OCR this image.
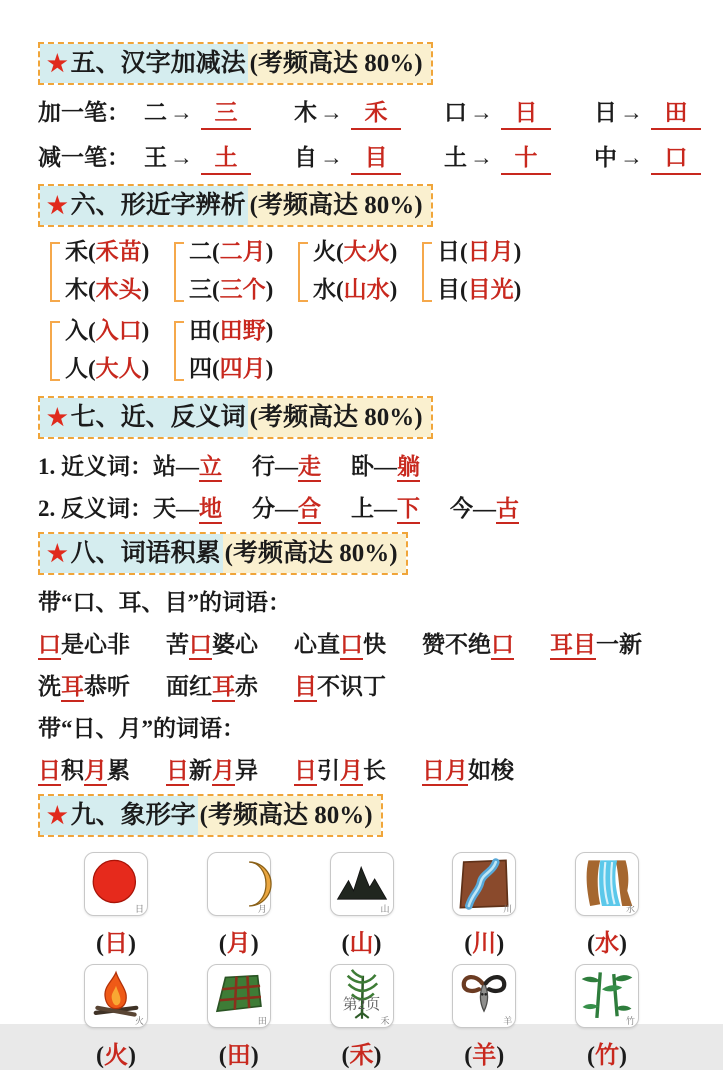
★ 五、汉字加减法 (考频高达 80%)
加一笔： 二 → 三	木 → 禾	口 → 日	日 → 田
减一笔： 王 → 土	自 → 目	土 → 十	中 → 口
★ 六、形近字辨析 (考频高达 80%)
禾(禾苗)
木(木头)
二(二月)
三(三个)
火(大火)
水(山水)
日(日月)
目(目光)
入(入口)
人(大人)
田(田野)
四(四月)
★ 七、近、反义词 (考频高达 80%)
1. 近义词： 站—立 行—走 卧—躺
2. 反义词： 天—地 分—合 上—下 今—古
★ 八、词语积累 (考频高达 80%)
带“口、耳、目”的词语：
口是心非 苦口婆心 心直口快 赞不绝口 耳目一新
洗耳恭听 面红耳赤 目不识丁
带“日、月”的词语：
日积月累 日新月异 日引月长 日月如梭
★ 九、象形字 (考频高达 80%)
日
(日)
月
(月)
山
(山)
川
(川)
水
(水)
火
(火)
田
(田)
禾
(禾)
羊
(羊)
竹
(竹)
第2页
